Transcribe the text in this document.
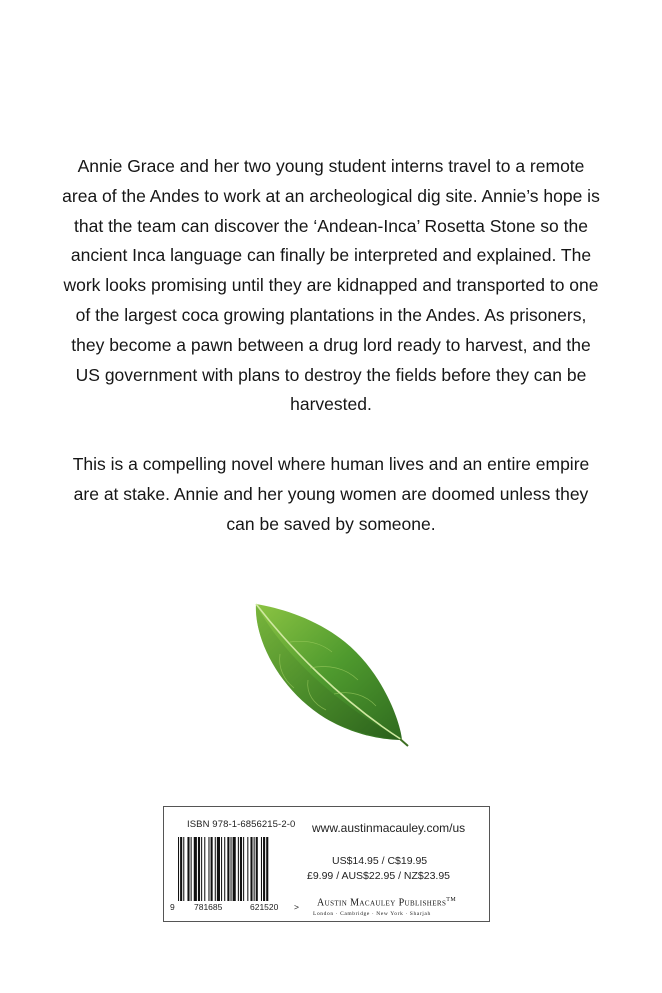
Annie Grace and her two young student interns travel to a remote area of the Andes to work at an archeological dig site. Annie’s hope is that the team can discover the ‘Andean-Inca’ Rosetta Stone so the ancient Inca language can finally be interpreted and explained. The work looks promising until they are kidnapped and transported to one of the largest coca growing plantations in the Andes. As prisoners, they become a pawn between a drug lord ready to harvest, and the US government with plans to destroy the fields before they can be harvested.

This is a compelling novel where human lives and an entire empire are at stake. Annie and her young women are doomed unless they can be saved by someone.

ISBN 978-1-6856215-2-0
9 781685	621520 >
www.austinmacauley.com/us
US$14.95 / C$19.95
£9.99 / AUS$22.95 / NZ$23.95
Austin Macauley Publishers™
London · Cambridge · New York · Sharjah
